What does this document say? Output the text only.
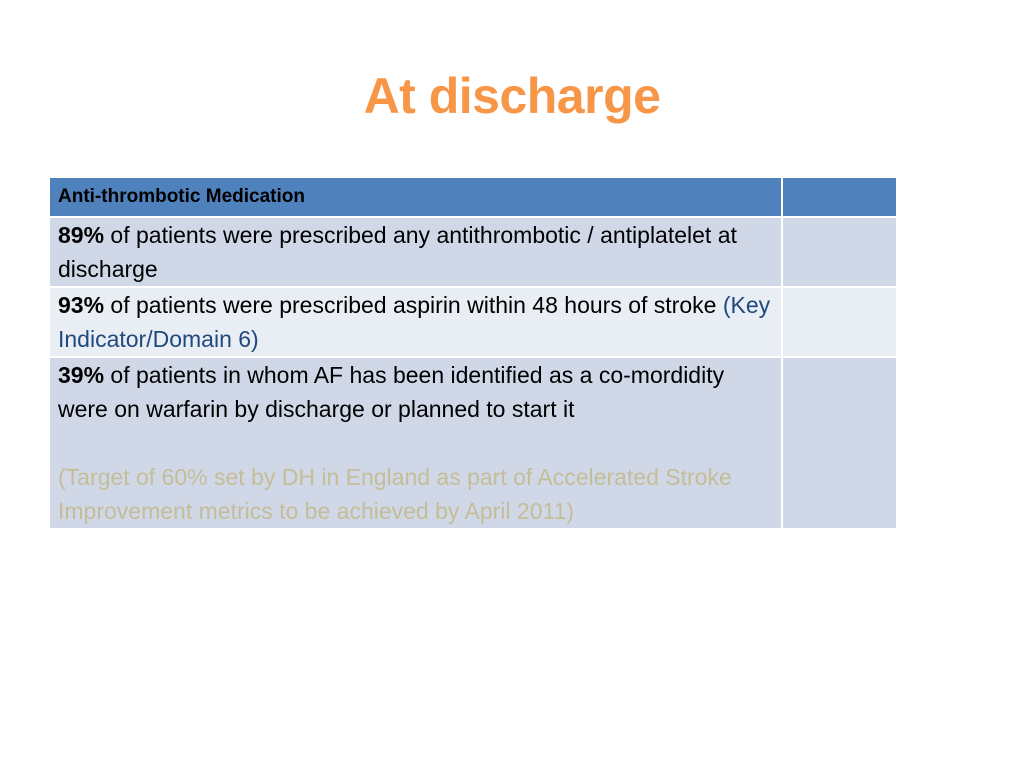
At discharge
Anti-thrombotic Medication	
89% of patients were prescribed any antithrombotic / antiplatelet at discharge	
93% of patients were prescribed aspirin within 48 hours of stroke (Key Indicator/Domain 6)	
39% of patients in whom AF has been identified as a co-mordidity were on warfarin by discharge or planned to start it
(Target of 60% set by DH in England as part of Accelerated Stroke Improvement metrics to be achieved by April 2011)	
